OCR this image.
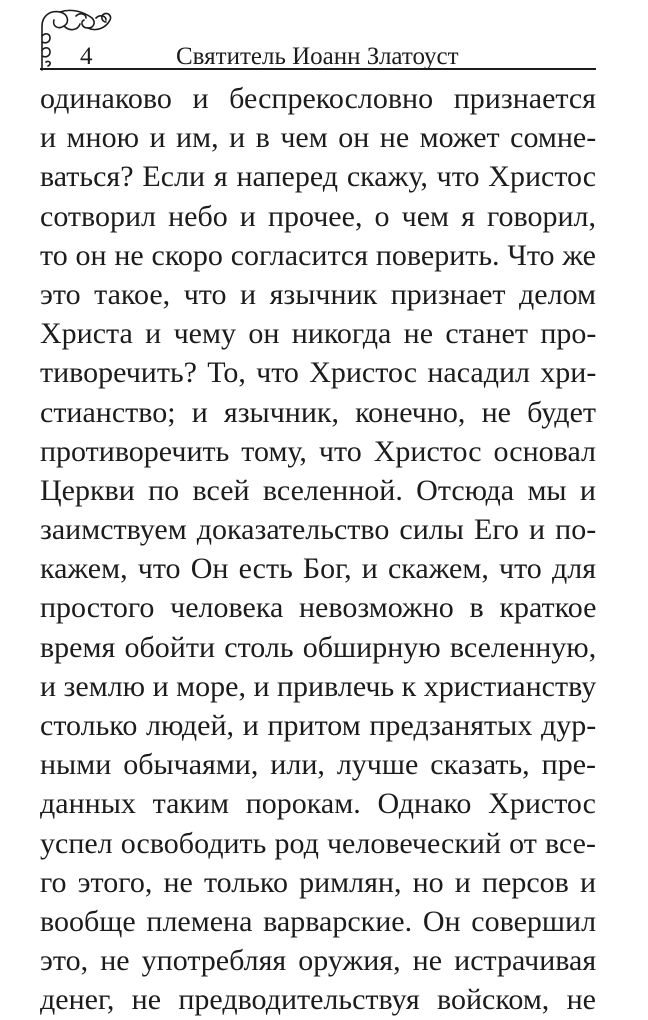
4	Святитель Иоанн Златоуст
одинаково и беспрекословно признается
и мною и им, и в чем он не может сомне-
ваться? Если я наперед скажу, что Христос
сотворил небо и прочее, о чем я говорил,
то он не скоро согласится поверить. Что же
это такое, что и язычник признает делом
Христа и чему он никогда не станет про-
тиворечить? То, что Христос насадил хри-
стианство; и язычник, конечно, не будет
противоречить тому, что Христос основал
Церкви по всей вселенной. Отсюда мы и
заимствуем доказательство силы Его и по-
кажем, что Он есть Бог, и скажем, что для
простого человека невозможно в краткое
время обойти столь обширную вселенную,
и землю и море, и привлечь к христианству
столько людей, и притом предзанятых дур-
ными обычаями, или, лучше сказать, пре-
данных таким порокам. Однако Христос
успел освободить род человеческий от все-
го этого, не только римлян, но и персов и
вообще племена варварские. Он совершил
это, не употребляя оружия, не истрачивая
денег, не предводительствуя войском, не
